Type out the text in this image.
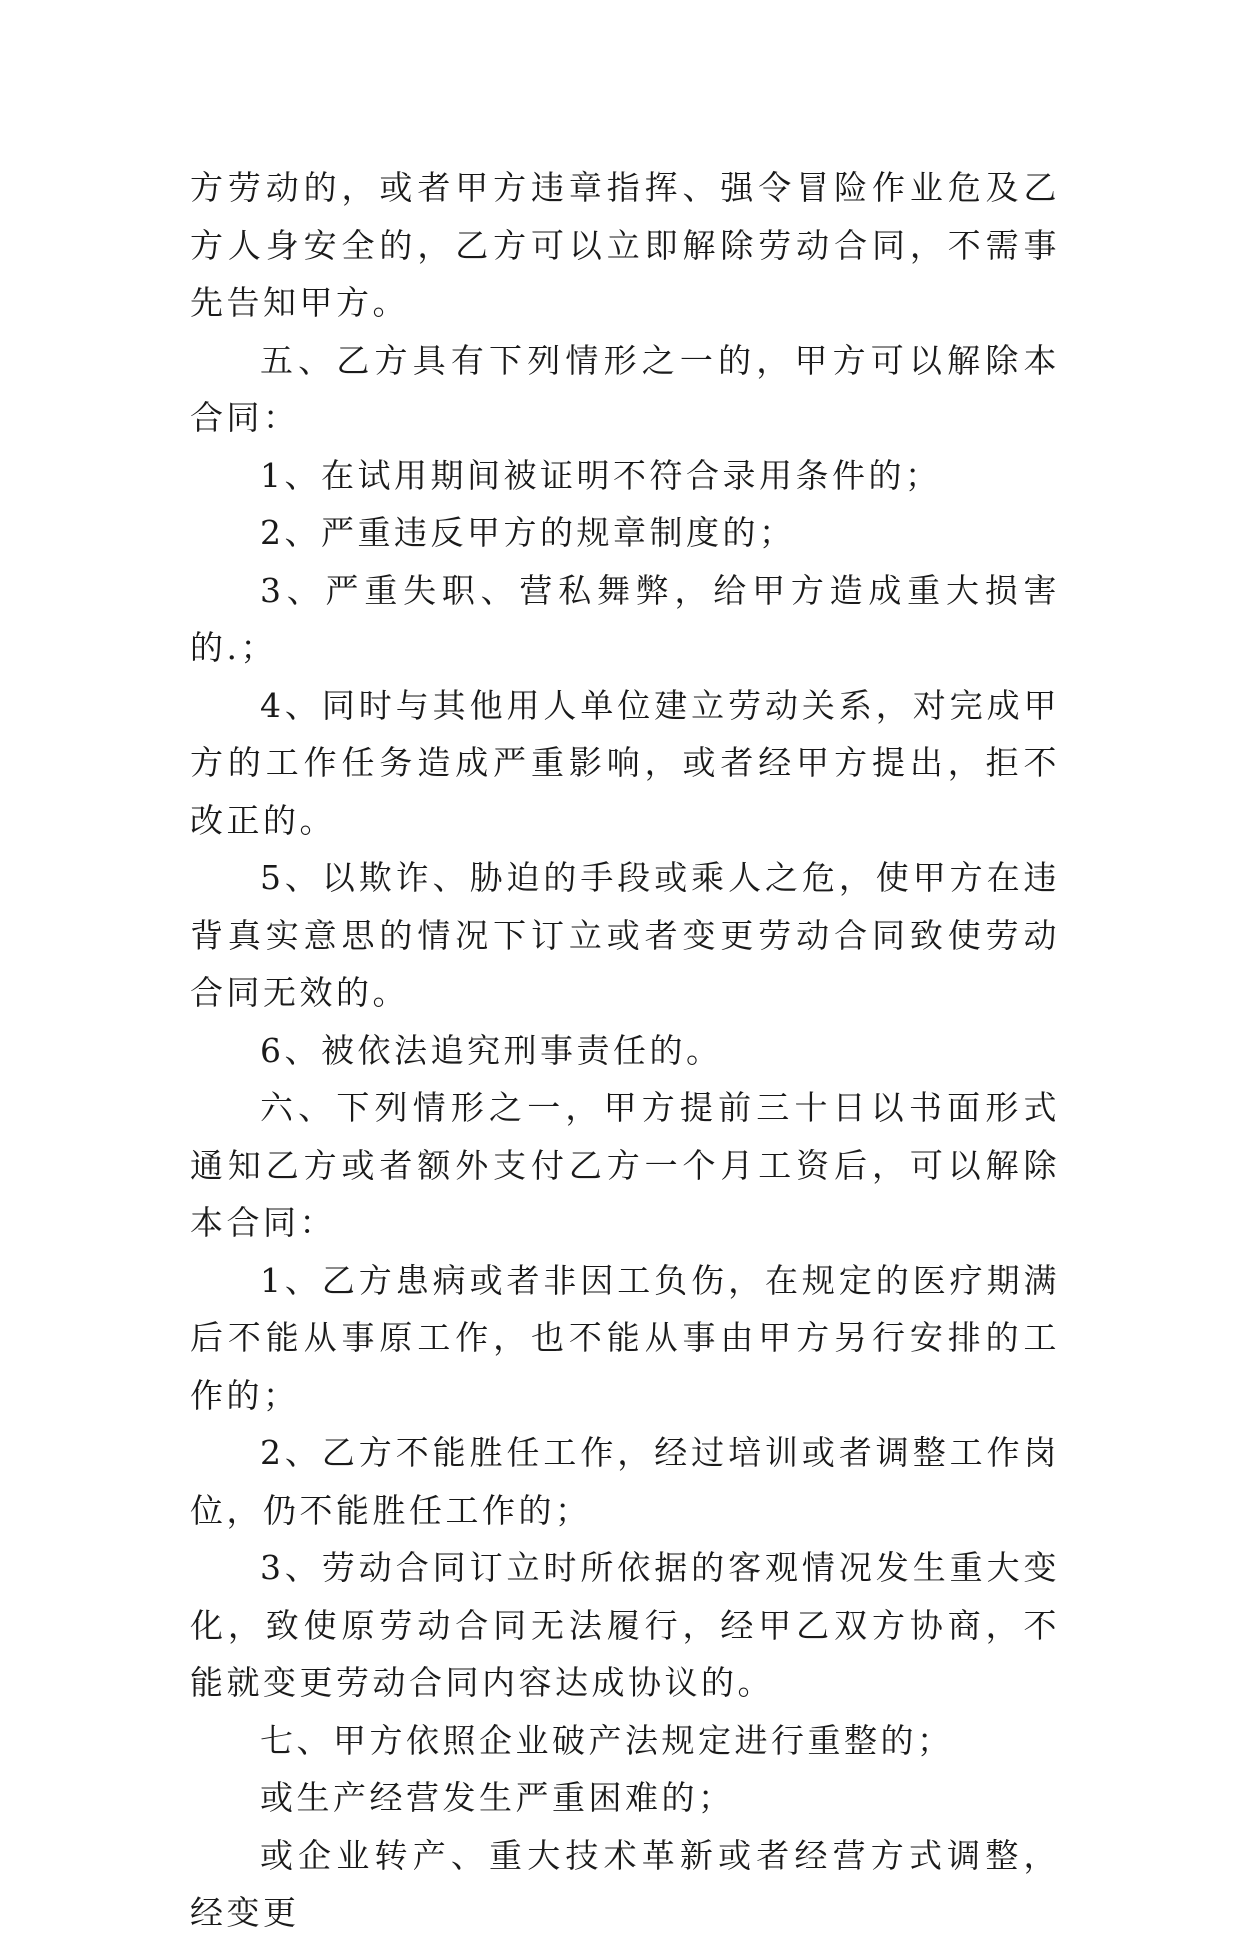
方劳动的，或者甲方违章指挥、强令冒险作业危及乙方人身安全的，乙方可以立即解除劳动合同，不需事先告知甲方。

五、乙方具有下列情形之一的，甲方可以解除本合同：

1、在试用期间被证明不符合录用条件的；

2、严重违反甲方的规章制度的；

3、严重失职、营私舞弊，给甲方造成重大损害的.；

4、同时与其他用人单位建立劳动关系，对完成甲方的工作任务造成严重影响，或者经甲方提出，拒不改正的。

5、以欺诈、胁迫的手段或乘人之危，使甲方在违背真实意思的情况下订立或者变更劳动合同致使劳动合同无效的。

6、被依法追究刑事责任的。

六、下列情形之一，甲方提前三十日以书面形式通知乙方或者额外支付乙方一个月工资后，可以解除本合同：

1、乙方患病或者非因工负伤，在规定的医疗期满后不能从事原工作，也不能从事由甲方另行安排的工作的；

2、乙方不能胜任工作，经过培训或者调整工作岗位，仍不能胜任工作的；

3、劳动合同订立时所依据的客观情况发生重大变化，致使原劳动合同无法履行，经甲乙双方协商，不能就变更劳动合同内容达成协议的。

七、甲方依照企业破产法规定进行重整的；

或生产经营发生严重困难的；

或企业转产、重大技术革新或者经营方式调整，经变更
